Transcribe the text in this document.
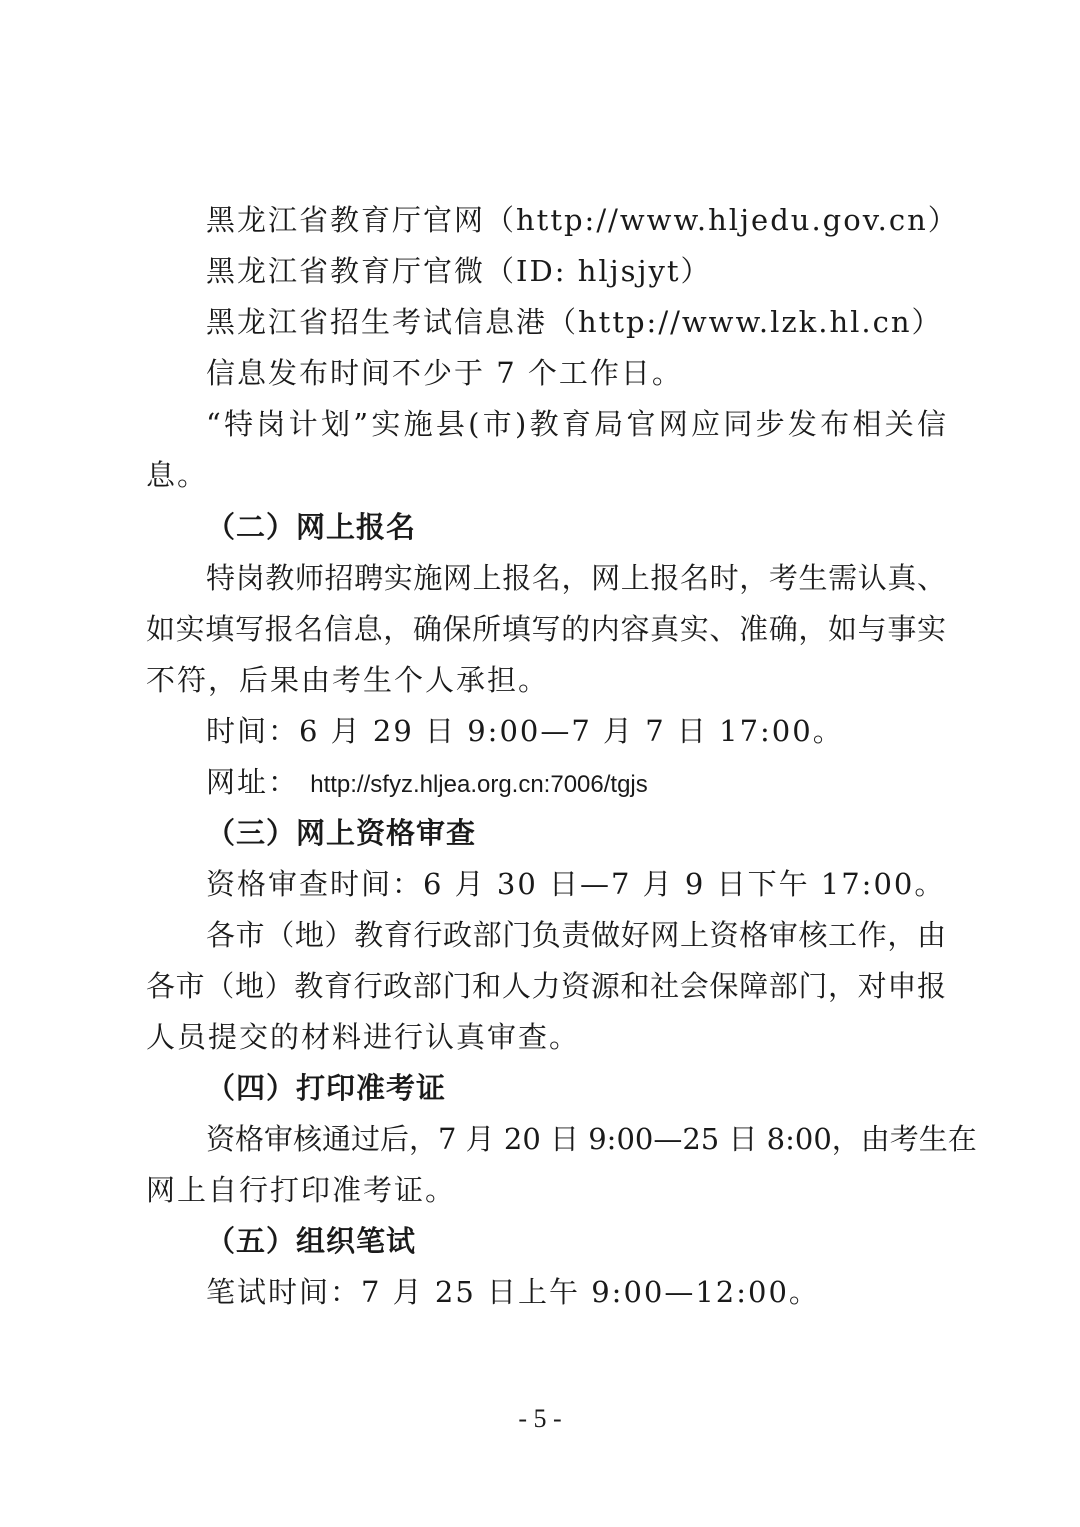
黑龙江省教育厅官网（http://www.hljedu.gov.cn）
黑龙江省教育厅官微（ID: hljsjyt）
黑龙江省招生考试信息港（http://www.lzk.hl.cn）
信息发布时间不少于 7 个工作日。
“特岗计划”实施县(市)教育局官网应同步发布相关信
息。
（二）网上报名
特岗教师招聘实施网上报名，网上报名时，考生需认真、
如实填写报名信息，确保所填写的内容真实、准确，如与事实
不符，后果由考生个人承担。
时间：6 月 29 日 9:00—7 月 7 日 17:00。
网址： http://sfyz.hljea.org.cn:7006/tgjs
（三）网上资格审查
资格审查时间：6 月 30 日—7 月 9 日下午 17:00。
各市（地）教育行政部门负责做好网上资格审核工作，由
各市（地）教育行政部门和人力资源和社会保障部门，对申报
人员提交的材料进行认真审查。
（四）打印准考证
资格审核通过后，7 月 20 日 9:00—25 日 8:00，由考生在
网上自行打印准考证。
（五）组织笔试
笔试时间：7 月 25 日上午 9:00—12:00。
- 5 -
